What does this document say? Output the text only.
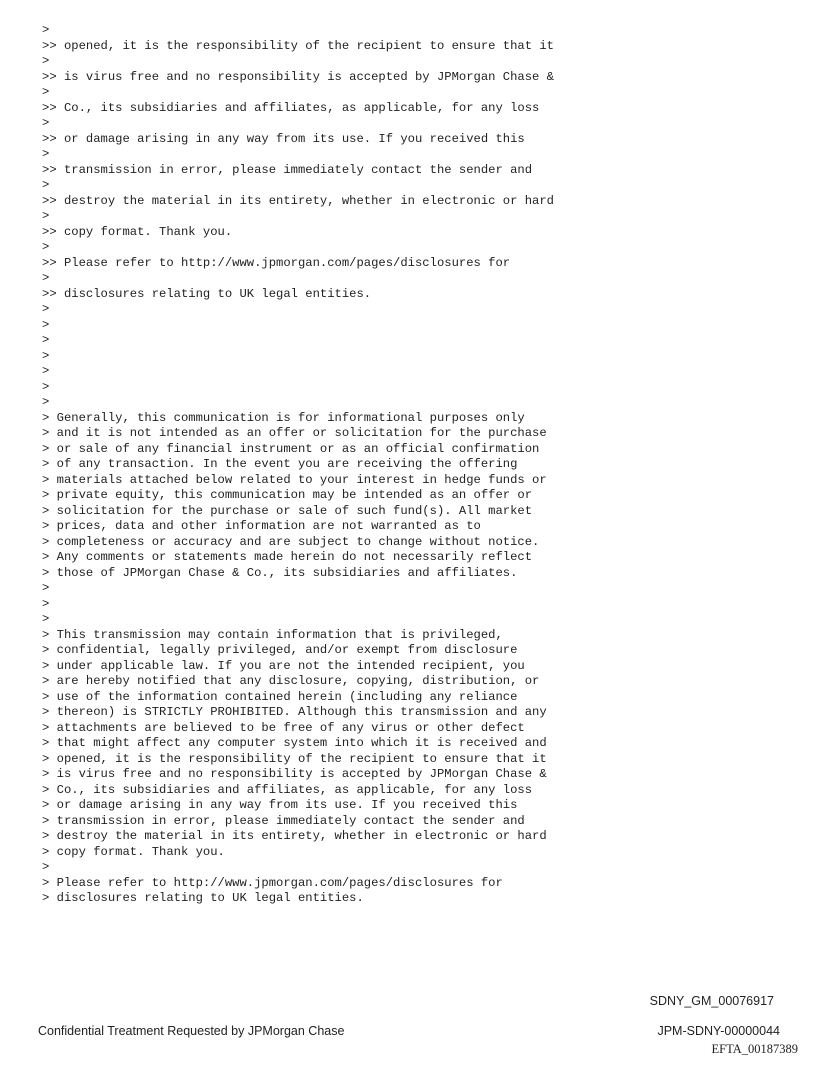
>
>> opened, it is the responsibility of the recipient to ensure that it
>
>> is virus free and no responsibility is accepted by JPMorgan Chase &
>
>> Co., its subsidiaries and affiliates, as applicable, for any loss
>
>> or damage arising in any way from its use. If you received this
>
>> transmission in error, please immediately contact the sender and
>
>> destroy the material in its entirety, whether in electronic or hard
>
>> copy format. Thank you.
>
>> Please refer to http://www.jpmorgan.com/pages/disclosures for
>
>> disclosures relating to UK legal entities.
>
>
>
>
>
>
>
> Generally, this communication is for informational purposes only
> and it is not intended as an offer or solicitation for the purchase
> or sale of any financial instrument or as an official confirmation
> of any transaction. In the event you are receiving the offering
> materials attached below related to your interest in hedge funds or
> private equity, this communication may be intended as an offer or
> solicitation for the purchase or sale of such fund(s). All market
> prices, data and other information are not warranted as to
> completeness or accuracy and are subject to change without notice.
> Any comments or statements made herein do not necessarily reflect
> those of JPMorgan Chase & Co., its subsidiaries and affiliates.
>
>
>
> This transmission may contain information that is privileged,
> confidential, legally privileged, and/or exempt from disclosure
> under applicable law. If you are not the intended recipient, you
> are hereby notified that any disclosure, copying, distribution, or
> use of the information contained herein (including any reliance
> thereon) is STRICTLY PROHIBITED. Although this transmission and any
> attachments are believed to be free of any virus or other defect
> that might affect any computer system into which it is received and
> opened, it is the responsibility of the recipient to ensure that it
> is virus free and no responsibility is accepted by JPMorgan Chase &
> Co., its subsidiaries and affiliates, as applicable, for any loss
> or damage arising in any way from its use. If you received this
> transmission in error, please immediately contact the sender and
> destroy the material in its entirety, whether in electronic or hard
> copy format. Thank you.
>
> Please refer to http://www.jpmorgan.com/pages/disclosures for
> disclosures relating to UK legal entities.
Confidential Treatment Requested by JPMorgan Chase
SDNY_GM_00076917
JPM-SDNY-00000044
EFTA_00187389
